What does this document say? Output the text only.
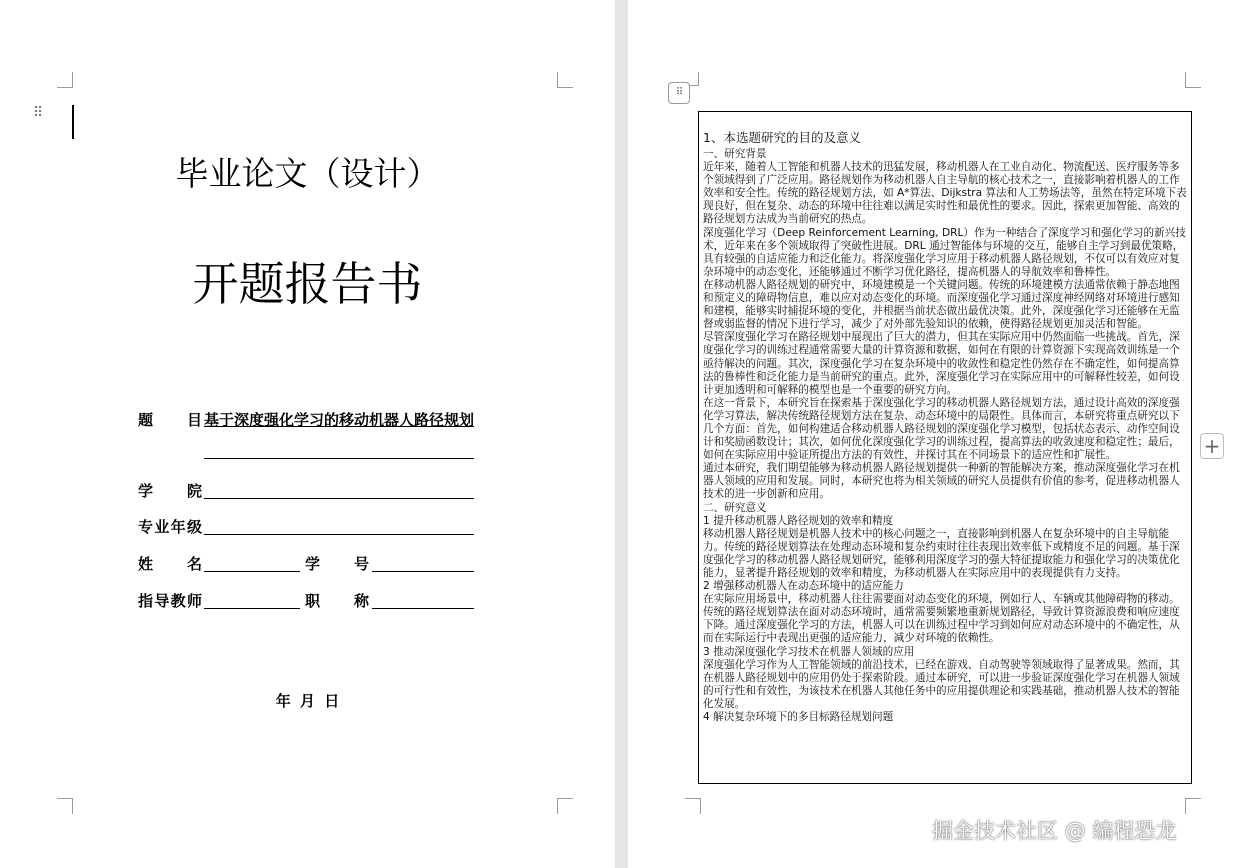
⠿
毕业论文（设计）
开题报告书
题　目 基于深度强化学习的移动机器人路径规划
学　院
专业年级
姓　名	学　号
指导教师	职　称
年 月 日
⠿
1、本选题研究的目的及意义

一、研究背景

近年来，随着人工智能和机器人技术的迅猛发展，移动机器人在工业自动化、物流配送、医疗服务等多个领域得到了广泛应用。路径规划作为移动机器人自主导航的核心技术之一，直接影响着机器人的工作效率和安全性。传统的路径规划方法，如 A*算法、Dijkstra 算法和人工势场法等，虽然在特定环境下表现良好，但在复杂、动态的环境中往往难以满足实时性和最优性的要求。因此，探索更加智能、高效的路径规划方法成为当前研究的热点。

深度强化学习（Deep Reinforcement Learning, DRL）作为一种结合了深度学习和强化学习的新兴技术，近年来在多个领域取得了突破性进展。DRL 通过智能体与环境的交互，能够自主学习到最优策略，具有较强的自适应能力和泛化能力。将深度强化学习应用于移动机器人路径规划，不仅可以有效应对复杂环境中的动态变化，还能够通过不断学习优化路径，提高机器人的导航效率和鲁棒性。

在移动机器人路径规划的研究中，环境建模是一个关键问题。传统的环境建模方法通常依赖于静态地图和预定义的障碍物信息，难以应对动态变化的环境。而深度强化学习通过深度神经网络对环境进行感知和建模，能够实时捕捉环境的变化，并根据当前状态做出最优决策。此外，深度强化学习还能够在无监督或弱监督的情况下进行学习，减少了对外部先验知识的依赖，使得路径规划更加灵活和智能。

尽管深度强化学习在路径规划中展现出了巨大的潜力，但其在实际应用中仍然面临一些挑战。首先，深度强化学习的训练过程通常需要大量的计算资源和数据，如何在有限的计算资源下实现高效训练是一个亟待解决的问题。其次，深度强化学习在复杂环境中的收敛性和稳定性仍然存在不确定性，如何提高算法的鲁棒性和泛化能力是当前研究的重点。此外，深度强化学习在实际应用中的可解释性较差，如何设计更加透明和可解释的模型也是一个重要的研究方向。

在这一背景下，本研究旨在探索基于深度强化学习的移动机器人路径规划方法，通过设计高效的深度强化学习算法，解决传统路径规划方法在复杂、动态环境中的局限性。具体而言，本研究将重点研究以下几个方面：首先，如何构建适合移动机器人路径规划的深度强化学习模型，包括状态表示、动作空间设计和奖励函数设计；其次，如何优化深度强化学习的训练过程，提高算法的收敛速度和稳定性；最后，如何在实际应用中验证所提出方法的有效性，并探讨其在不同场景下的适应性和扩展性。

通过本研究，我们期望能够为移动机器人路径规划提供一种新的智能解决方案，推动深度强化学习在机器人领域的应用和发展。同时，本研究也将为相关领域的研究人员提供有价值的参考，促进移动机器人技术的进一步创新和应用。

二、研究意义

1 提升移动机器人路径规划的效率和精度

移动机器人路径规划是机器人技术中的核心问题之一，直接影响到机器人在复杂环境中的自主导航能力。传统的路径规划算法在处理动态环境和复杂约束时往往表现出效率低下或精度不足的问题。基于深度强化学习的移动机器人路径规划研究，能够利用深度学习的强大特征提取能力和强化学习的决策优化能力，显著提升路径规划的效率和精度，为移动机器人在实际应用中的表现提供有力支持。

2 增强移动机器人在动态环境中的适应能力

在实际应用场景中，移动机器人往往需要面对动态变化的环境，例如行人、车辆或其他障碍物的移动。传统的路径规划算法在面对动态环境时，通常需要频繁地重新规划路径，导致计算资源浪费和响应速度下降。通过深度强化学习的方法，机器人可以在训练过程中学习到如何应对动态环境中的不确定性，从而在实际运行中表现出更强的适应能力，减少对环境的依赖性。

3 推动深度强化学习技术在机器人领域的应用

深度强化学习作为人工智能领域的前沿技术，已经在游戏、自动驾驶等领域取得了显著成果。然而，其在机器人路径规划中的应用仍处于探索阶段。通过本研究，可以进一步验证深度强化学习在机器人领域的可行性和有效性，为该技术在机器人其他任务中的应用提供理论和实践基础，推动机器人技术的智能化发展。

4 解决复杂环境下的多目标路径规划问题

+
掘金技术社区 @ 编程恐龙
